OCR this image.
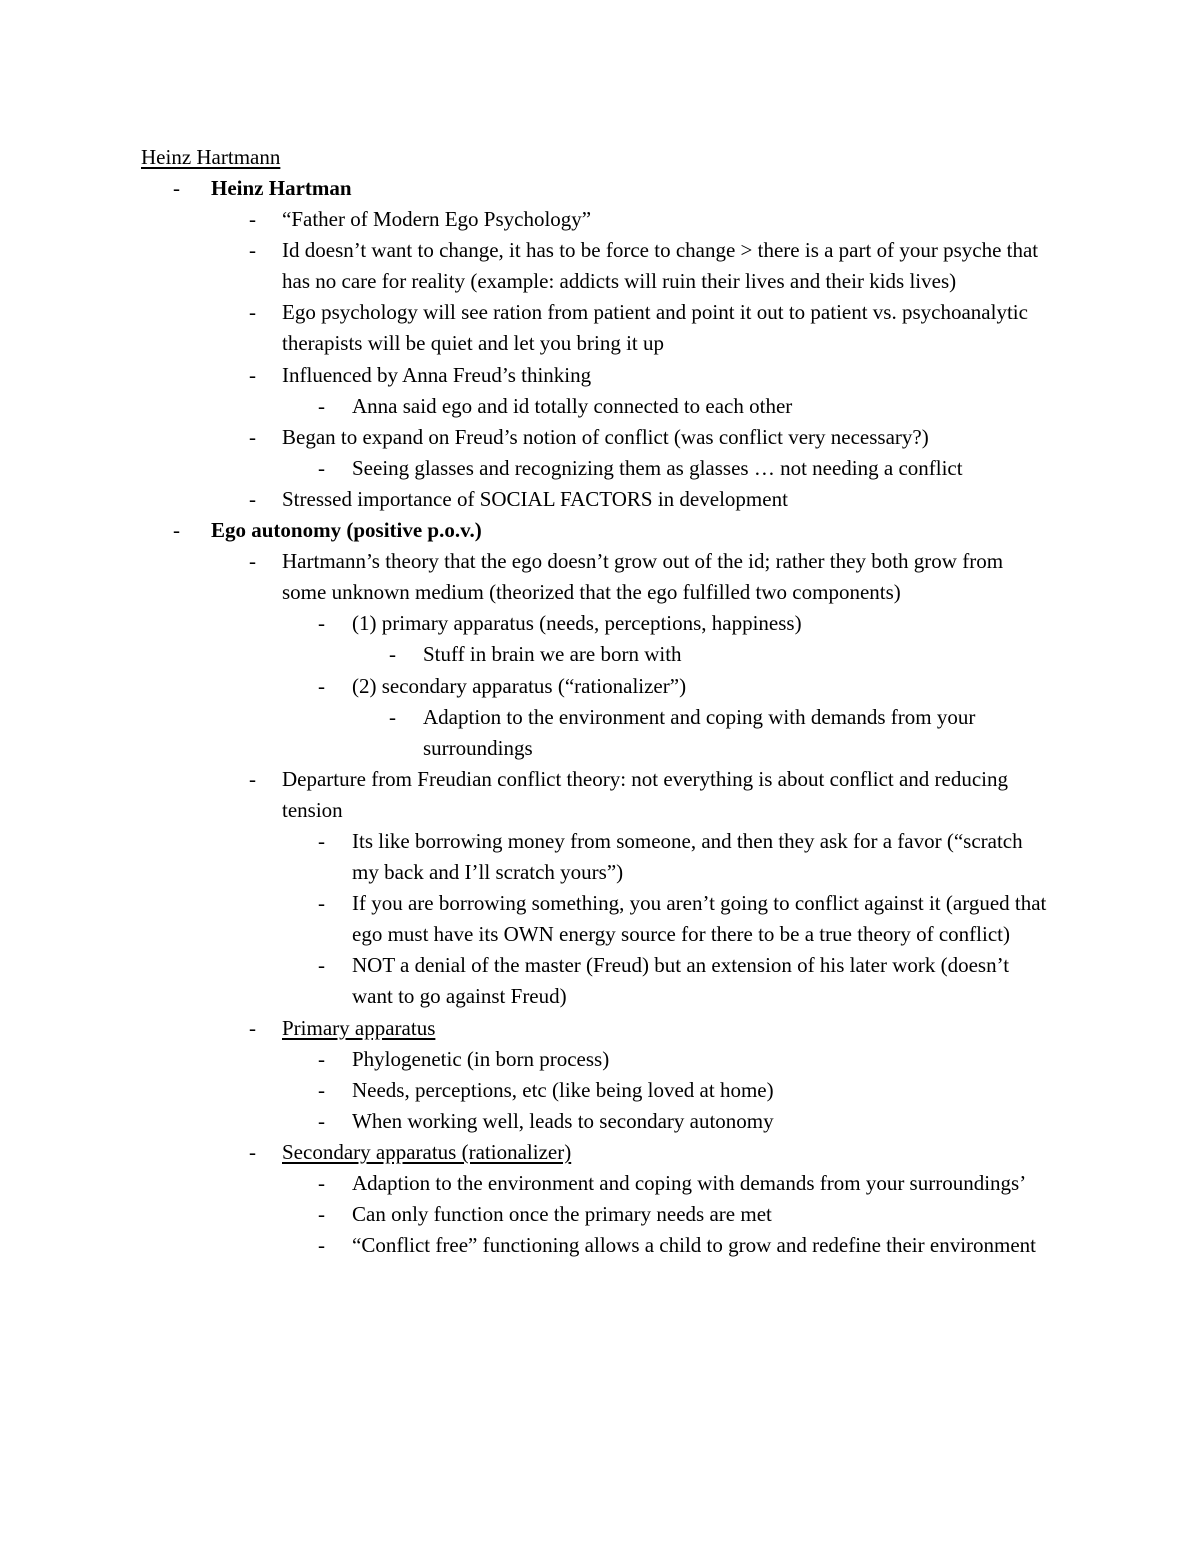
Heinz Hartmann
-	Heinz Hartman
-	“Father of Modern Ego Psychology”
-	Id doesn’t want to change, it has to be force to change > there is a part of your psyche that has no care for reality (example: addicts will ruin their lives and their kids lives)
-	Ego psychology will see ration from patient and point it out to patient vs. psychoanalytic therapists will be quiet and let you bring it up
-	Influenced by Anna Freud’s thinking
-	Anna said ego and id totally connected to each other
-	Began to expand on Freud’s notion of conflict (was conflict very necessary?)
-	Seeing glasses and recognizing them as glasses … not needing a conflict
-	Stressed importance of SOCIAL FACTORS in development
-	Ego autonomy (positive p.o.v.)
-	Hartmann’s theory that the ego doesn’t grow out of the id; rather they both grow from some unknown medium (theorized that the ego fulfilled two components)
-	(1) primary apparatus (needs, perceptions, happiness)
-	Stuff in brain we are born with
-	(2) secondary apparatus (“rationalizer”)
-	Adaption to the environment and coping with demands from your surroundings
-	Departure from Freudian conflict theory: not everything is about conflict and reducing tension
-	Its like borrowing money from someone, and then they ask for a favor (“scratch my back and I’ll scratch yours”)
-	If you are borrowing something, you aren’t going to conflict against it (argued that ego must have its OWN energy source for there to be a true theory of conflict)
-	NOT a denial of the master (Freud) but an extension of his later work (doesn’t want to go against Freud)
-	Primary apparatus
-	Phylogenetic (in born process)
-	Needs, perceptions, etc (like being loved at home)
-	When working well, leads to secondary autonomy
-	Secondary apparatus (rationalizer)
-	Adaption to the environment and coping with demands from your surroundings’
-	Can only function once the primary needs are met
-	“Conflict free” functioning allows a child to grow and redefine their environment
